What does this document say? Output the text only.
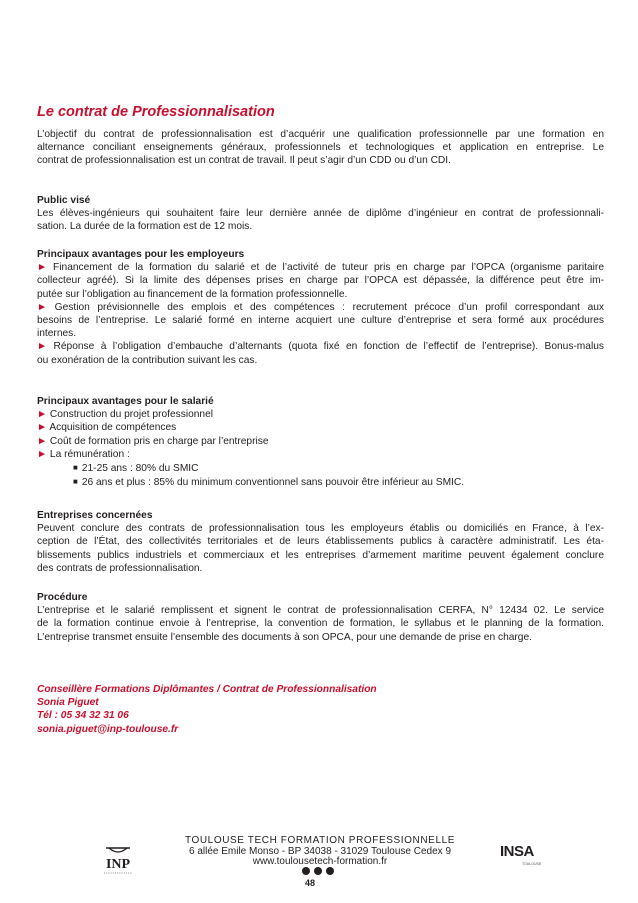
Le contrat de Professionnalisation

L’objectif du contrat de professionnalisation est d’acquérir une qualification professionnelle par une formation en
alternance conciliant enseignements généraux, professionnels et technologiques et application en entreprise. Le
contrat de professionnalisation est un contrat de travail. Il peut s’agir d’un CDD ou d’un CDI.

Public visé

Les élèves-ingénieurs qui souhaitent faire leur dernière année de diplôme d’ingénieur en contrat de professionnali-
sation. La durée de la formation est de 12 mois.

Principaux avantages pour les employeurs

► Financement de la formation du salarié et de l’activité de tuteur pris en charge par l’OPCA (organisme paritaire
collecteur agréé). Si la limite des dépenses prises en charge par l’OPCA est dépassée, la différence peut être im-
putée sur l’obligation au financement de la formation professionnelle.
► Gestion prévisionnelle des emplois et des compétences : recrutement précoce d’un profil correspondant aux
besoins de l’entreprise. Le salarié formé en interne acquiert une culture d’entreprise et sera formé aux procédures
internes.
► Réponse à l’obligation d’embauche d’alternants (quota fixé en fonction de l’effectif de l’entreprise). Bonus-malus
ou exonération de la contribution suivant les cas.

Principaux avantages pour le salarié

► Construction du projet professionnel
► Acquisition de compétences
► Coût de formation pris en charge par l’entreprise
► La rémunération :
■ 21-25 ans : 80% du SMIC
■ 26 ans et plus : 85% du minimum conventionnel sans pouvoir être inférieur au SMIC.

Entreprises concernées

Peuvent conclure des contrats de professionnalisation tous les employeurs établis ou domiciliés en France, à l’ex-
ception de l’État, des collectivités territoriales et de leurs établissements publics à caractère administratif. Les éta-
blissements publics industriels et commerciaux et les entreprises d’armement maritime peuvent également conclure
des contrats de professionnalisation.

Procédure

L’entreprise et le salarié remplissent et signent le contrat de professionnalisation CERFA, N° 12434 02. Le service
de la formation continue envoie à l’entreprise, la convention de formation, le syllabus et le planning de la formation.
L’entreprise transmet ensuite l’ensemble des documents à son OPCA, pour une demande de prise en charge.

Conseillère Formations Diplômantes / Contrat de Professionnalisation
Sonia Piguet
Tél : 05 34 32 31 06
sonia.piguet@inp-toulouse.fr
INP
TOULOUSE TECH FORMATION PROFESSIONNELLE
6 allée Emile Monso - BP 34038 - 31029 Toulouse Cedex 9
www.toulousetech-formation.fr
48
INSA
TOULOUSE
